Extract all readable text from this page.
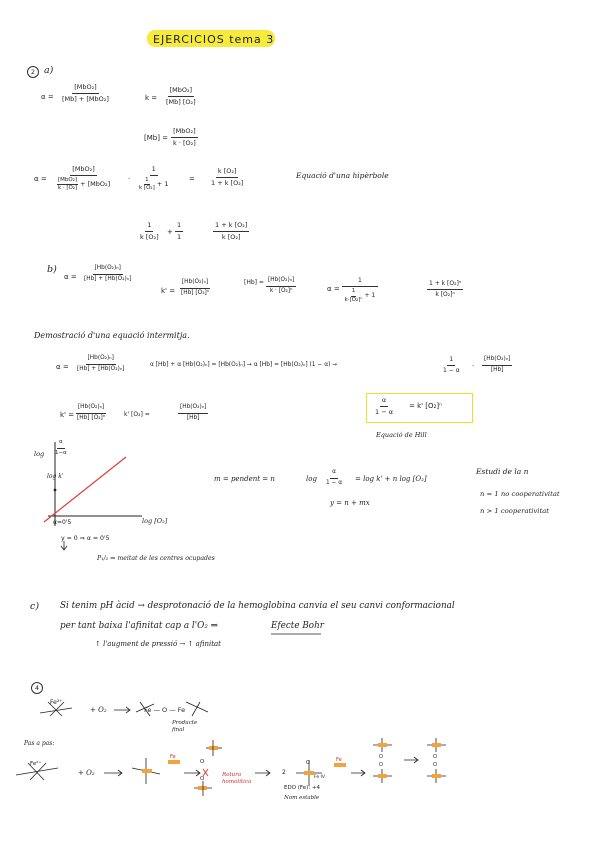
EJERCICIOS tema 3
2 a)
α =
[MbO₂]
[Mb] + [MbO₂]	k =
[MbO₂]
[Mb] [O₂]
[Mb] =
[MbO₂]
k · [O₂]
α =
[MbO₂]
[MbO₂]
k · [O₂] + [MbO₂]
· $\frac{1}{\frac{1}{\text{k [O₂]}} + 1}$	= $\frac{\text{k [O₂]}}{\text{1 + k [O₂]}}$	Equació d'una hipèrbole
$\frac{1}{\text{k [O₂]}} + \frac{1}{1}$	$\frac{\text{1 + k [O₂]}}{\text{k [O₂]}}$
b)
$\alpha = \frac{\text{[Hb(O₂)ₙ]}}{\text{[Hb] + [Hb(O₂)ₙ]}}$
$k' = \frac{\text{[Hb(O₂)ₙ]}}{\text{[Hb] [O₂]ⁿ}}$	$[Hb] = \frac{\text{[Hb(O₂)ₙ]}}{\text{k · [O₂]ⁿ}}$	$\alpha = \frac{1}{\frac{1}{\text{k·[O₂]ⁿ}} + 1}$	$\frac{\text{1 + k [O₂]ⁿ}}{\text{k [O₂]ⁿ}}$
Demostració d'una equació intermitja.
$\alpha = \frac{\text{[Hb(O₂)ₙ]}}{\text{[Hb] + [Hb(O₂)ₙ]}}$	α [Hb] + α [Hb(O₂)ₙ] = [Hb(O₂)ₙ] → α [Hb] = [Hb(O₂)ₙ] (1 − α) →	$\frac{1}{1 - \alpha} \cdot \frac{\text{[Hb(O₂)ₙ]}}{[Hb]}$
$k' = \frac{\text{[Hb(O₂)ₙ]}}{\text{[Hb] [O₂]ⁿ}}$	k' [O₂] =	$\frac{\text{[Hb(O₂)ₙ]}}{[Hb]}$	$\frac{\alpha}{1 - \alpha} = k'$ [O₂]ⁿ
Equació de Hill
$\log \frac{\alpha}{1-\alpha}$
log k'
log [O₂]
α=0'5
y = 0 ⇒ α = 0'5
P₁/₂ ⇒ meitat de les centres ocupades
m = pendent = n	$\log \frac{\alpha}{1 - \alpha} = \log k' + n$ log [O₂]
y = n + mx
Estudi de la n
n = 1 no cooperativitat
n > 1 cooperativitat
c) Si tenim pH àcid → desprotonació de la hemoglobina canvia el seu canvi conformacional
per tant baixa l'afinitat cap a l'O₂ ⇒	Efecte Bohr
↑ l'augment de pressió → ↑ afinitat
4
Fe²⁺
+ O₂	Fe — O — Fe
Producte final
Pas a pas:
Fe²⁺
+ O₂
Fe
O
O
Rotura homolítica
2
O
Fe IV
Fe
EDO (Fe): +4
Nom estable
O
O
O
O
